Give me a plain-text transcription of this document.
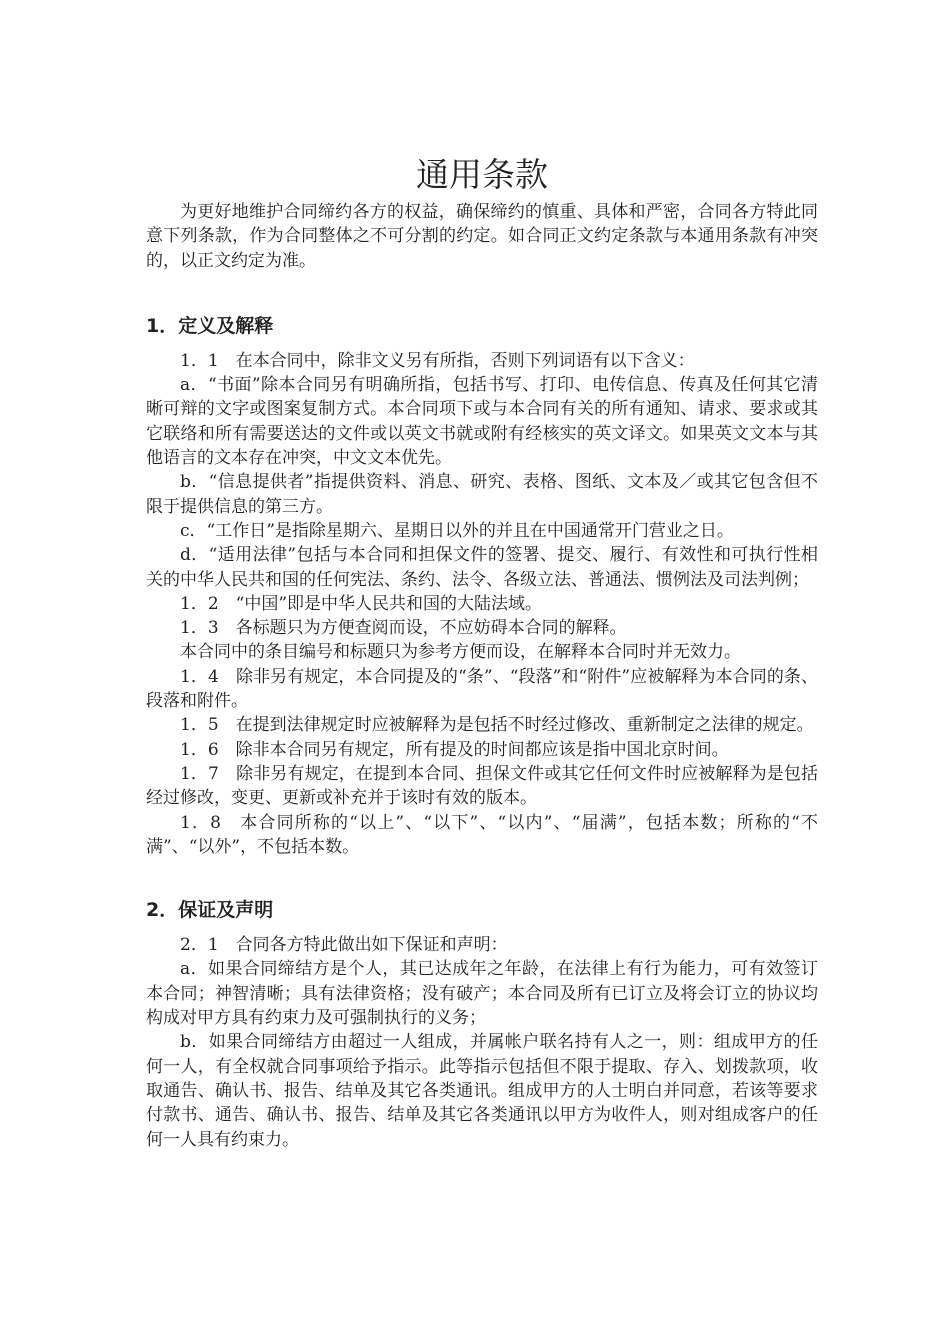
通用条款

为更好地维护合同缔约各方的权益，确保缔约的慎重、具体和严密，合同各方特此同意下列条款，作为合同整体之不可分割的约定。如合同正文约定条款与本通用条款有冲突的，以正文约定为准。

1．定义及解释

1．1　在本合同中，除非文义另有所指，否则下列词语有以下含义：

a．“书面”除本合同另有明确所指，包括书写、打印、电传信息、传真及任何其它清晰可辩的文字或图案复制方式。本合同项下或与本合同有关的所有通知、请求、要求或其它联络和所有需要送达的文件或以英文书就或附有经核实的英文译文。如果英文文本与其他语言的文本存在冲突，中文文本优先。

b．“信息提供者”指提供资料、消息、研究、表格、图纸、文本及／或其它包含但不限于提供信息的第三方。

c．“工作日”是指除星期六、星期日以外的并且在中国通常开门营业之日。

d．“适用法律”包括与本合同和担保文件的签署、提交、履行、有效性和可执行性相关的中华人民共和国的任何宪法、条约、法令、各级立法、普通法、惯例法及司法判例；

1．2　“中国”即是中华人民共和国的大陆法域。

1．3　各标题只为方便查阅而设，不应妨碍本合同的解释。

本合同中的条目编号和标题只为参考方便而设，在解释本合同时并无效力。

1．4　除非另有规定，本合同提及的“条”、“段落”和“附件”应被解释为本合同的条、段落和附件。

1．5　在提到法律规定时应被解释为是包括不时经过修改、重新制定之法律的规定。

1．6　除非本合同另有规定，所有提及的时间都应该是指中国北京时间。

1．7　除非另有规定，在提到本合同、担保文件或其它任何文件时应被解释为是包括经过修改，变更、更新或补充并于该时有效的版本。

1．8　本合同所称的“以上”、“以下”、“以内”、“届满”，包括本数；所称的“不满”、“以外”，不包括本数。

2．保证及声明

2．1　合同各方特此做出如下保证和声明：

a．如果合同缔结方是个人，其已达成年之年龄，在法律上有行为能力，可有效签订本合同；神智清晰；具有法律资格；没有破产；本合同及所有已订立及将会订立的协议均构成对甲方具有约束力及可强制执行的义务；

b．如果合同缔结方由超过一人组成，并属帐户联名持有人之一，则：组成甲方的任何一人，有全权就合同事项给予指示。此等指示包括但不限于提取、存入、划拨款项，收取通告、确认书、报告、结单及其它各类通讯。组成甲方的人士明白并同意，若该等要求付款书、通告、确认书、报告、结单及其它各类通讯以甲方为收件人，则对组成客户的任何一人具有约束力。
